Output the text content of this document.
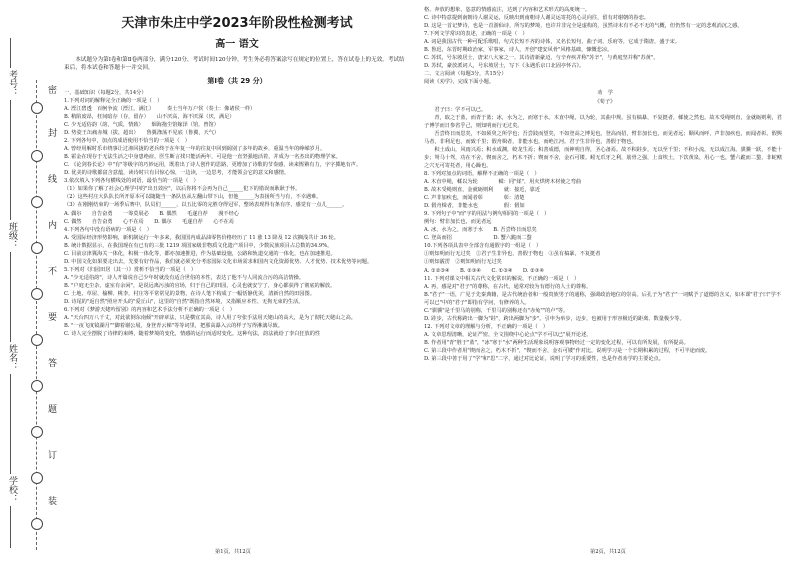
考号：
班级：
姓名：
学校：
密
封
线
内
不
要
答
题
订
装
天津市朱庄中学2023年阶段性检测考试
高一 语文

本试题分为第Ⅰ卷和第Ⅱ卷两部分，满分120分，考试时间120分钟。考生务必将答案涂写在规定的位置上，答在试卷上的无效。考试结束后，将本试卷和答题卡一并交回。

第Ⅰ卷（共 29 分）

一、基础知识（每题2分，共14分）

1.下列对词的解释完全正确的一项是（　）

A. 湮江碧透　百舸争流（湮江，满江）　　　奏士当年万户侯（奏士：像诸侯一样）

B. 稍陷废昂，枉间暗存（存，留存）　　山不厌高，海不厌深（厌，满足）

C. 少无适俗韵（韵，气质，情致）　　烟海拖尘馆嫁泽（馆，曾馆）

D. 势姿王缶痛赤城（拔，超出）　　鲁翼涤荡不见底（鲁翼，天气）

2. 下列各句中，加点的成语使用不恰当的一项是（　）

A. 曾经用解时乐市绕事让过渗回拢的老兵终于在年复一年的往复中回到阔别了多年的故乡，重温当年的峥嵘岁月。

B. 霍金在现存于无法生活之中身患绝症，医生断言找只能活两年，可是他一直坚强地活着，并成为一名杰出的物理学家。

C. 《论剑春长论》中"有"等级字的巧妙运用，既着出了诗人创作的思路，更增加了诗歌的节奏感，读来铿锵有力，字字掷地有声。

D. 优美的诗歌都富含意蕴，读诗时只有目惊心惊，一边读，一边思考，才能领会它的意义和感情。

3.依次填入下列各句横线处的词语，最恰当的一项是（　）

（1）如果你了解了社会心理学中的"出丑效应"，以后你将不会再为自己______犯下的错误而耿耿于怀。

（2）这些村庄大队队长所开原本可以随随当一条队伍从左翻山带下山，但他______为表扬所当与有，不幸遇难。

（3）在刚刚结束的一场季后赛中，队员们______，以五比零的完胜夺得冠军，整场表现得有条有序，感觉有一点儿______。

A. 偶尔　　自告奋勇　　一筹莫展必　　B. 偶然　　毛遂自荐　　漫不经心

C. 偶然　　自告奋勇　　心不在焉　　D. 偶尔　　毛遂自荐　　心不在焉

4.下列各句中没有语病的一项是（　）

A. 受国际经济形势影响，新机制运行一年多来，我国国内成品油零售价格经历了 11 涨 13 降及 12 次搁浅共计 36 轮。

B. 统计数据显示，在我国现在有已有的三批 1219 项国家级非物质文化遗产项目中，少数民族项目占总数的34.9%。

C. 目前京津冀海关一体化，积极一体化等，都亦加速推进，作为基础设施，公路和轨道交通的一体化，也在加速推进。

D. 中国文化如果要走出去，先要有好作品，我们就必须充分考虑国际文化市场需求和国内文化资源优势、人才优势、技术优势等问题。

5.下列对《归园田居（其一）》赏析不恰当的一项是（　）

A. "少无适俗韵"，诗人开篇说自己少年时就没有适合世俗的本性，表达了他不与人同流合污的高洁情操。

B. "户庭无尘杂，虚室有余闲"，是说远离污浊的官场，归于自己的田园，心灵也就安宁了，身心都获得了彻底的解放。

C. 土地、草屋、榆柳、桃李，村庄等平常常见的景物，在诗人笔下构成了一幅恬静优美，清新自然的田园图。

D. 诗尾的"返自然"照应开头的"爱丘山"，这里的"自然"既指自然环境，又指顺应本性、无拘无束的生活。

6.下列对《梦游天姥吟留别》的内容和艺术手法分析不正确的一项是（　）

A. "天台四万八千丈，对此欲倒东南倾"开辟章法，只是横宜其高，诗人用了夸张手法用天姥山的高大，是为了彻托天姥山之高。

B. "一夜飞度镜湖月""脚着谢公屐，身登青云梯"等等词里，把那高瀑入云的样子写得淋漓尽致。

C. 诗人完全摆脱了诗律的束缚，随着梦境的变化，情感的运行而适时变化。这种句法，韵法就给了李白狂放的性

第1页，共12页

格、奔放的想象、恣意的情感流注，达到了内容和艺术形式的高度统一。

C. 诗中特意提到南朝诗人谢灵运，反映出到南朝诗人谢灵运寄托的心灵向往，留有对谢朝的眷恋。

D. 这是一首记梦诗，也是一首游仙诗，所写的梦境，也许并非完全是虚构的，虽然诗末有不必不无的气概，但仍然有一定的悲观消沉之感。

7.下列文学常识的表述，正确的一项是（　）

A. 词是我国古代一种可配乐歌唱，句式长短不齐的诗体，又名长短句、曲子词、乐府等，它成于隋唐，盛于宋。

B. 鲁迅，东晋时期政治家，军事家，诗人，开创"建安风骨"风格基础，慷慨悲凉。

C. 苏轼，号东坡居士，唐宋八大家之一，其诗清新豪迈，与辛弃疾并称"苏辛"，与黄庭坚并称"苏黄"。

D. 苏轼，豪放派词人，号东坡居士，写下《永遇乐京口北固亭怀古》。

二、文言阅读（每题3分，共15分）

阅读《劝学》，完成下面小题。

劝　学

《荀子》

君子曰：学不可以已。

青，取之于蓝，而青于蓝；冰，水为之，而寒于水。木直中绳，以为轮，其曲中规。虽有槁暴，不复挺者，輮使之然也。故木受绳则直，金就砺则利，君子博学而日参省乎己，则知明而行无过矣。

吾尝终日而思矣，不如须臾之所学也；吾尝跂而望矣，不如登高之博见也。登高而招，臂非加长也，而见者远；顺风而呼，声非加疾也，而闻者彰。假舆马者，非利足也，而致千里；假舟楫者，非能水也，而绝江河。君子生非异也，善假于物也。

积土成山，风雨兴焉；积水成渊，蛟龙生焉；积善成德，而神明自得，圣心备焉。故不积跬步，无以至千里；不积小流，无以成江海。骐骥一跃，不能十步；驽马十驾，功在不舍。锲而舍之，朽木不折；锲而不舍，金石可镂。蚓无爪牙之利，筋骨之强，上食埃土，下饮黄泉，用心一也。蟹六跪而二螯，非蛇鳝之穴无可寄托者，用心躁也。

8. 下列对加点的词语，解释不正确的一项是（　）

A. 木直中绳，輮以为轮　　　　輮：同"煣"，用火烘烤木材使之弯曲

B. 故木受绳则直，金就砺则利　　就：接近，靠近

C. 声非加疾也，而闻者彰　　　　彰：清楚

D. 假舟楫者，非能水也　　　　　假：假如

9. 下列句子中"而"字的用法与例句相同的一项是（　）

例句：臂非加长也，而见者远

A. 冰，水为之，而寒于水　　B. 吾尝终日而思矣

C. 登高而招　　　　　　　　D. 蟹六跪而二螯

10.下列各项具表中全部含有通假字的一组是（　）

①则知明而行无过矣　②君子生非异也，善假于物也　③虽有槁暴，不复挺者

①则知霰雳　②则知明而行无过矣

A. ①②③④　　B. ②③④　　C. ①③④　　D. ②③④

11. 下列对课文中相关古代文化常识的解说，不正确的一项是（　）

A. 再，感是对"君子"的尊称，在古代，通常对较为有德行的人士的尊称。

B."君子"一语，广见于先秦典籍，是古代统治者和一般贵族男子的通称，强调政治地位的崇高。后孔子为"君子"一词赋予了道德的含义，如本课"君子曰"学不可以已"中的"君子"即指有学问，有修养的人。

C."骐骥"是千里马的别称，千里马的别称还有"赤兔""的卢"等。

D. 跬步，古代称跨出一脚为"跬"，跨出两脚为"步"。引申为举步，迈步，也被用于形容极近的距离、数量极少等。

12. 下列对文章的理解与分析，不正确的一项是（　）

A. 文章思理清晰，论证严密，全文围绕中心论点"学不可以已"展开论述。

B. 作者用"青"胜于"蓝"，"冰"寒于"水"两种生活现象说明客观事物经过一定的变化过程，可以有所发展，有所提高。

C. 第三段中作者用"锲而舍之，朽木不折"，"锲而不舍，金石可镂"作对比，说明学习是一个长期积累的过程，不可半途而废。

D. 第三段中善于用了"学"和"思"二字，通过对比论证，说明了学习的重要性，也是作者劝学的主要论点。

第2页，共12页
